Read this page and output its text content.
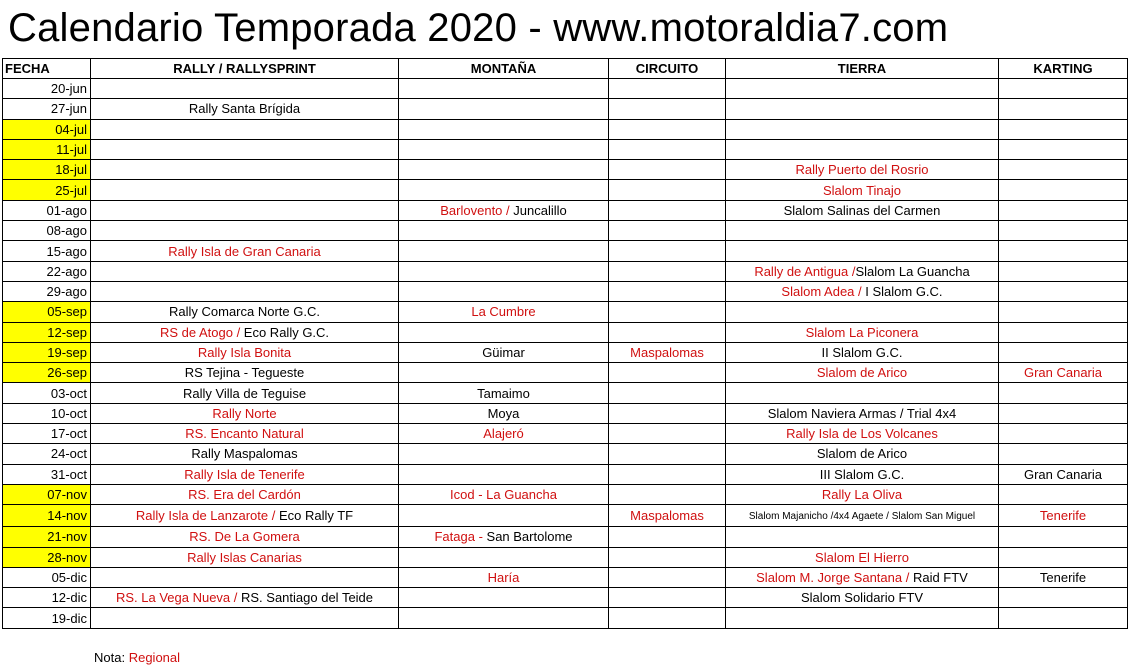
Calendario Temporada 2020 - www.motoraldia7.com
FECHA	RALLY / RALLYSPRINT	MONTAÑA	CIRCUITO	TIERRA	KARTING
20-jun					
27-jun	Rally Santa Brígida				
04-jul					
11-jul					
18-jul				Rally Puerto del Rosrio	
25-jul				Slalom Tinajo	
01-ago		Barlovento / Juncalillo		Slalom Salinas del Carmen	
08-ago					
15-ago	Rally Isla de Gran Canaria				
22-ago				Rally de Antigua /Slalom La Guancha	
29-ago				Slalom Adea / I Slalom G.C.	
05-sep	Rally Comarca Norte G.C.	La Cumbre			
12-sep	RS de Atogo / Eco Rally G.C.			Slalom La Piconera	
19-sep	Rally Isla Bonita	Güimar	Maspalomas	II Slalom G.C.	
26-sep	RS Tejina - Tegueste			Slalom de Arico	Gran Canaria
03-oct	Rally Villa de Teguise	Tamaimo			
10-oct	Rally Norte	Moya		Slalom Naviera Armas / Trial 4x4	
17-oct	RS. Encanto Natural	Alajeró		Rally Isla de Los Volcanes	
24-oct	Rally Maspalomas			Slalom de Arico	
31-oct	Rally Isla de Tenerife			III Slalom G.C.	Gran Canaria
07-nov	RS. Era del Cardón	Icod - La Guancha		Rally La Oliva	
14-nov	Rally Isla de Lanzarote / Eco Rally TF		Maspalomas	Slalom Majanicho /4x4 Agaete / Slalom San Miguel	Tenerife
21-nov	RS. De La Gomera	Fataga - San Bartolome			
28-nov	Rally Islas Canarias			Slalom El Hierro	
05-dic		Haría		Slalom M. Jorge Santana / Raid FTV	Tenerife
12-dic	RS. La Vega Nueva / RS. Santiago del Teide			Slalom Solidario FTV	
19-dic					
Nota: Regional
